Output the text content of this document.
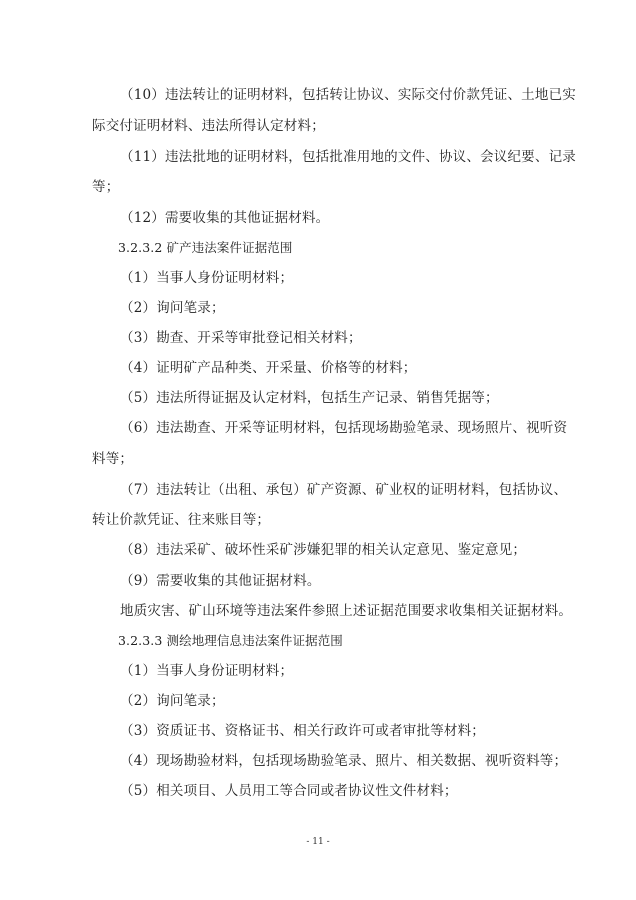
（10）违法转让的证明材料，包括转让协议、实际交付价款凭证、土地已实
际交付证明材料、违法所得认定材料；
（11）违法批地的证明材料，包括批准用地的文件、协议、会议纪要、记录
等；
（12）需要收集的其他证据材料。
3.2.3.2 矿产违法案件证据范围
（1）当事人身份证明材料；
（2）询问笔录；
（3）勘查、开采等审批登记相关材料；
（4）证明矿产品种类、开采量、价格等的材料；
（5）违法所得证据及认定材料，包括生产记录、销售凭据等；
（6）违法勘查、开采等证明材料，包括现场勘验笔录、现场照片、视听资
料等；
（7）违法转让（出租、承包）矿产资源、矿业权的证明材料，包括协议、
转让价款凭证、往来账目等；
（8）违法采矿、破坏性采矿涉嫌犯罪的相关认定意见、鉴定意见；
（9）需要收集的其他证据材料。
地质灾害、矿山环境等违法案件参照上述证据范围要求收集相关证据材料。
3.2.3.3 测绘地理信息违法案件证据范围
（1）当事人身份证明材料；
（2）询问笔录；
（3）资质证书、资格证书、相关行政许可或者审批等材料；
（4）现场勘验材料，包括现场勘验笔录、照片、相关数据、视听资料等；
（5）相关项目、人员用工等合同或者协议性文件材料；
- 11 -
